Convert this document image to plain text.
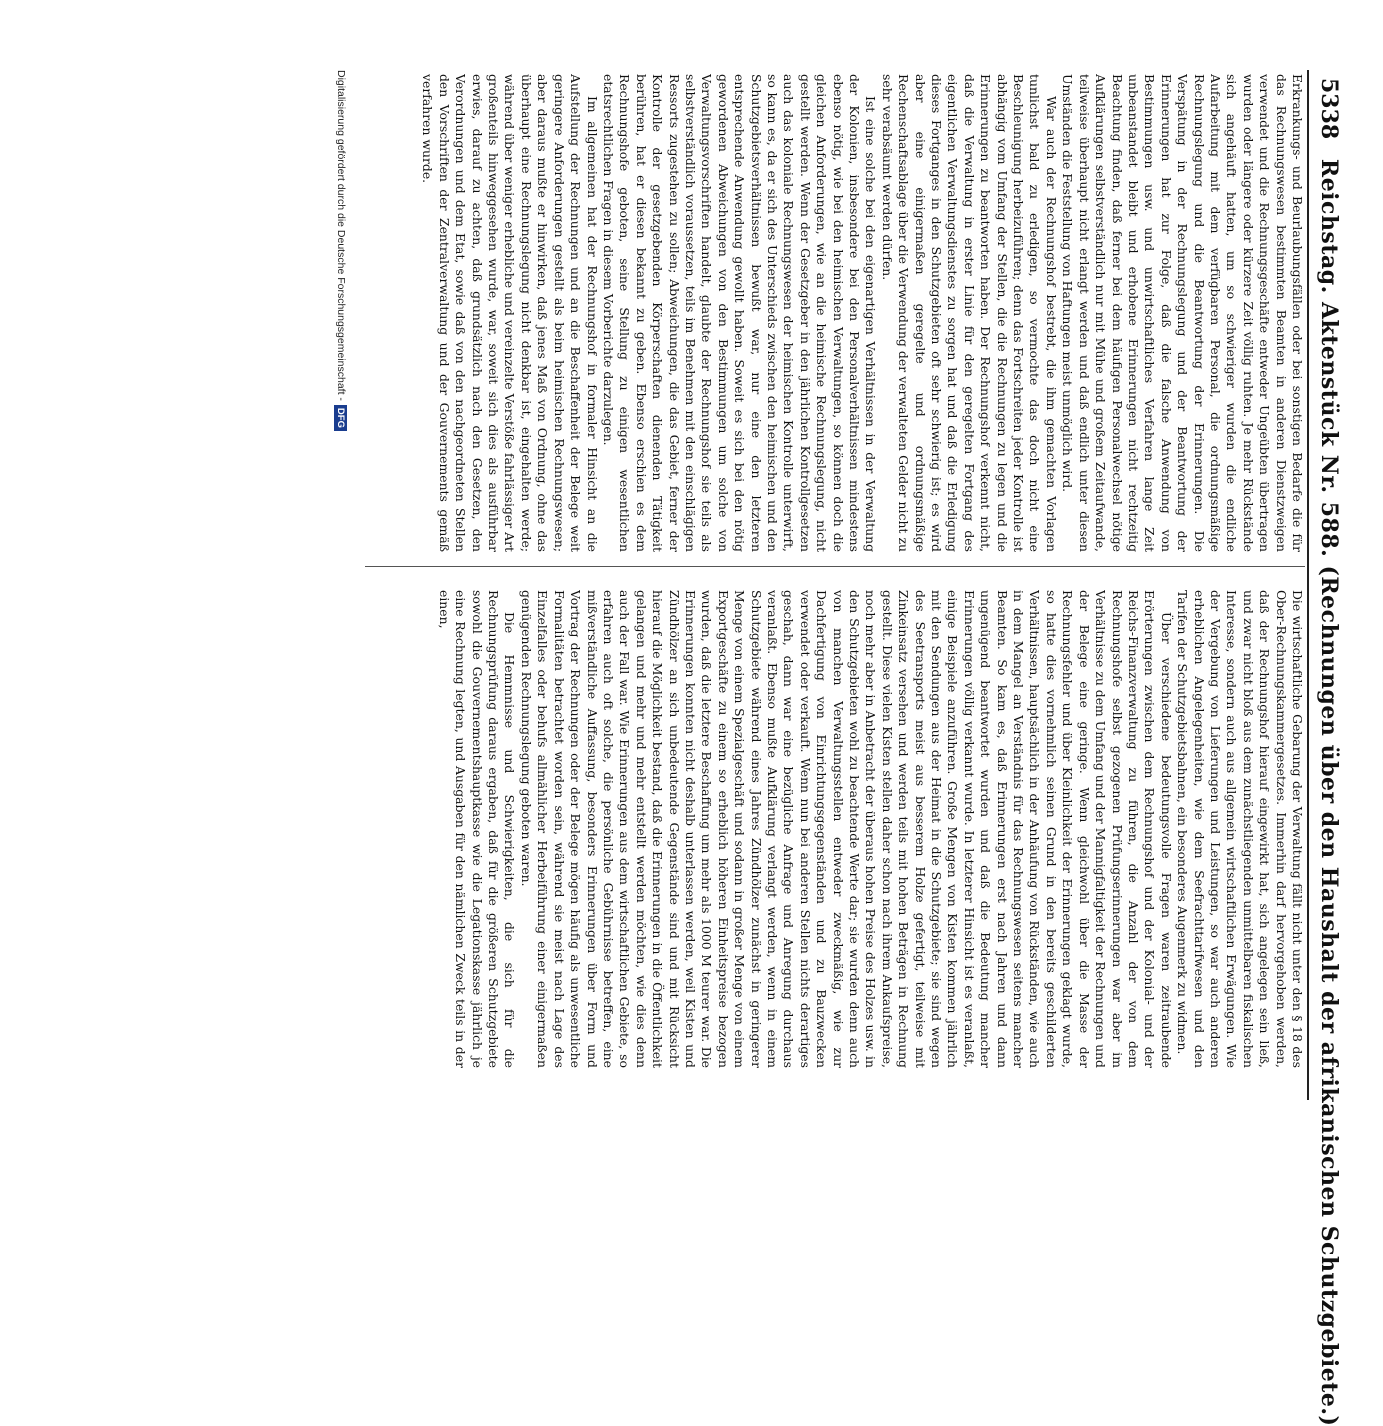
5338 Reichstag. Aktenstück Nr. 588. (Rechnungen über den Haushalt der afrikanischen Schutzgebiete.)

Erkrankungs- und Beurlaubungsfällen oder bei sonstigen Bedarfe die für das Rechnungswesen bestimmten Beamten in anderen Dienstzweigen verwendet und die Rechnungsgeschäfte entweder Ungeübten übertragen wurden oder längere oder kürzere Zeit völlig ruhten. Je mehr Rückstände sich angehäuft hatten, um so schwieriger wurden die endliche Aufarbeitung mit dem verfügbaren Personal, die ordnungsmäßige Rechnungslegung und die Beantwortung der Erinnerungen. Die Verspätung in der Rechnungslegung und der Beantwortung der Erinnerungen hat zur Folge, daß die falsche Anwendung von Bestimmungen usw. und unwirtschaftliches Verfahren lange Zeit unbeanstandet bleibt und erhobene Erinnerungen nicht rechtzeitig Beachtung finden, daß ferner bei dem häufigen Personalwechsel nötige Aufklärungen selbstverständlich nur mit Mühe und großem Zeitaufwande, teilweise überhaupt nicht erlangt werden und daß endlich unter diesen Umständen die Feststellung von Haftungen meist unmöglich wird.

War auch der Rechnungshof bestrebt, die ihm gemachten Vorlagen tunlichst bald zu erledigen, so vermochte das doch nicht eine Beschleunigung herbeizuführen; denn das Fortschreiten jeder Kontrolle ist abhängig vom Umfang der Stellen, die die Rechnungen zu legen und die Erinnerungen zu beantworten haben. Der Rechnungshof verkennt nicht, daß die Verwaltung in erster Linie für den geregelten Fortgang des eigentlichen Verwaltungsdienstes zu sorgen hat und daß die Erledigung dieses Fortganges in den Schutzgebieten oft sehr schwierig ist; es wird aber eine einigermaßen geregelte und ordnungsmäßige Rechenschaftsablage über die Verwendung der verwalteten Gelder nicht zu sehr verabsäumt werden dürfen.

Ist eine solche bei den eigenartigen Verhältnissen in der Verwaltung der Kolonien, insbesondere bei den Personalverhältnissen mindestens ebenso nötig, wie bei den heimischen Verwaltungen, so können doch die gleichen Anforderungen, wie an die heimische Rechnungslegung, nicht gestellt werden. Wenn der Gesetzgeber in den jährlichen Kontrollgesetzen auch das koloniale Rechnungswesen der heimischen Kontrolle unterwirft, so kann es, da er sich des Unterschieds zwischen den heimischen und den Schutzgebietsverhältnissen bewußt war, nur eine den letzteren entsprechende Anwendung gewollt haben. Soweit es sich bei den nötig gewordenen Abweichungen von den Bestimmungen um solche von Verwaltungsvorschriften handelt, glaubte der Rechnungshof sie teils als selbstverständlich voraussetzen, teils im Benehmen mit den einschlägigen Ressorts zugestehen zu sollen; Abweichungen, die das Gebiet, ferner der Kontrolle der gesetzgebenden Körperschaften dienenden Tätigkeit berühren, hat er diesen bekannt zu geben. Ebenso erschien es dem Rechnungshofe geboten, seine Stellung zu einigen wesentlichen etatsrechtlichen Fragen in diesem Vorberichte darzulegen.

Im allgemeinen hat der Rechnungshof in formaler Hinsicht an die Aufstellung der Rechnungen und an die Beschaffenheit der Belege weit geringere Anforderungen gestellt als beim heimischen Rechnungswesen; aber daraus mußte er hinwirken, daß jenes Maß von Ordnung, ohne das überhaupt eine Rechnungslegung nicht denkbar ist, eingehalten werde; während über weniger erhebliche und vereinzelte Verstöße fahrlässiger Art großenteils hinweggesehen wurde, war, soweit sich dies als ausführbar erwies, darauf zu achten, daß grundsätzlich nach den Gesetzen, den Verordnungen und dem Etat, sowie daß von den nachgeordneten Stellen den Vorschriften der Zentralverwaltung und der Gouvernements gemäß verfahren wurde.

Die wirtschaftliche Gebarung der Verwaltung fällt nicht unter den § 18 des Ober-Rechnungskammergesetzes. Immerhin darf hervorgehoben werden, daß der Rechnungshof hierauf eingewirkt hat, sich angelegen sein ließ, und zwar nicht bloß aus dem zunächstliegenden unmittelbaren fiskalischen Interesse, sondern auch aus allgemein wirtschaftlichen Erwägungen. Wie der Vergebung von Lieferungen und Leistungen, so war auch anderen erheblichen Angelegenheiten, wie dem Seefrachttarifwesen und den Tarifen der Schutzgebietsbahnen, ein besonderes Augenmerk zu widmen.

Über verschiedene bedeutungsvolle Fragen waren zeitraubende Erörterungen zwischen dem Rechnungshof und der Kolonial- und der Reichs-Finanzverwaltung zu führen, die Anzahl der von dem Rechnungshofe selbst gezogenen Prüfungserinnerungen war aber im Verhältnisse zu dem Umfang und der Mannigfaltigkeit der Rechnungen und der Belege eine geringe. Wenn gleichwohl über die Masse der Rechnungsfehler und über Kleinlichkeit der Erinnerungen geklagt wurde, so hatte dies vornehmlich seinen Grund in den bereits geschilderten Verhältnissen, hauptsächlich in der Anhäufung von Rückständen, wie auch in dem Mangel an Verständnis für das Rechnungswesen seitens mancher Beamten. So kam es, daß Erinnerungen erst nach Jahren und dann ungenügend beantwortet wurden und daß die Bedeutung mancher Erinnerungen völlig verkannt wurde. In letzterer Hinsicht ist es veranlaßt, einige Beispiele anzuführen. Große Mengen von Kisten kommen jährlich mit den Sendungen aus der Heimat in die Schutzgebiete; sie sind wegen des Seetransports meist aus besserem Holze gefertigt, teilweise mit Zinkeinsatz versehen und werden teils mit hohen Beträgen in Rechnung gestellt. Diese vielen Kisten stellen daher schon nach ihrem Ankaufspreise, noch mehr aber in Anbetracht der überaus hohen Preise des Holzes usw. in den Schutzgebieten wohl zu beachtende Werte dar; sie wurden denn auch von manchen Verwaltungsstellen entweder zweckmäßig, wie zur Dachfertigung von Einrichtungsgegenständen und zu Bauzwecken verwendet oder verkauft. Wenn nun bei anderen Stellen nichts derartiges geschah, dann war eine bezügliche Anfrage und Anregung durchaus veranlaßt. Ebenso mußte Aufklärung verlangt werden, wenn in einem Schutzgebiete während eines Jahres Zündhölzer zunächst in geringerer Menge von einem Spezialgeschäft und sodann in großer Menge von einem Exportgeschäfte zu einem so erheblich höheren Einheitspreise bezogen wurden, daß die letztere Beschaffung um mehr als 1000 M teurer war. Die Erinnerungen konnten nicht deshalb unterlassen werden, weil Kisten und Zündhölzer an sich unbedeutende Gegenstände sind und mit Rücksicht hierauf die Möglichkeit bestand, daß die Erinnerungen in die Öffentlichkeit gelangen und mehr und mehr entstellt werden möchten, wie dies denn auch der Fall war. Wie Erinnerungen aus dem wirtschaftlichen Gebiete, so erfahren auch oft solche, die persönliche Gebührnisse betreffen, eine mißverständliche Auffassung, besonders Erinnerungen über Form und Vortrag der Rechnungen oder der Belege mögen häufig als unwesentliche Formalitäten betrachtet worden sein, während sie meist nach Lage des Einzelfalles oder behufs allmählicher Herbeiführung einer einigermaßen genügenden Rechnungslegung geboten waren.

Die Hemmnisse und Schwierigkeiten, die sich für die Rechnungsprüfung daraus ergaben, daß für die größeren Schutzgebiete sowohl die Gouvernementshauptkasse wie die Legationskasse jährlich je eine Rechnung legten, und Ausgaben für den nämlichen Zweck teils in der einen,

Digitalisierung gefördert durch die Deutsche Forschungsgemeinschaft -DFG
